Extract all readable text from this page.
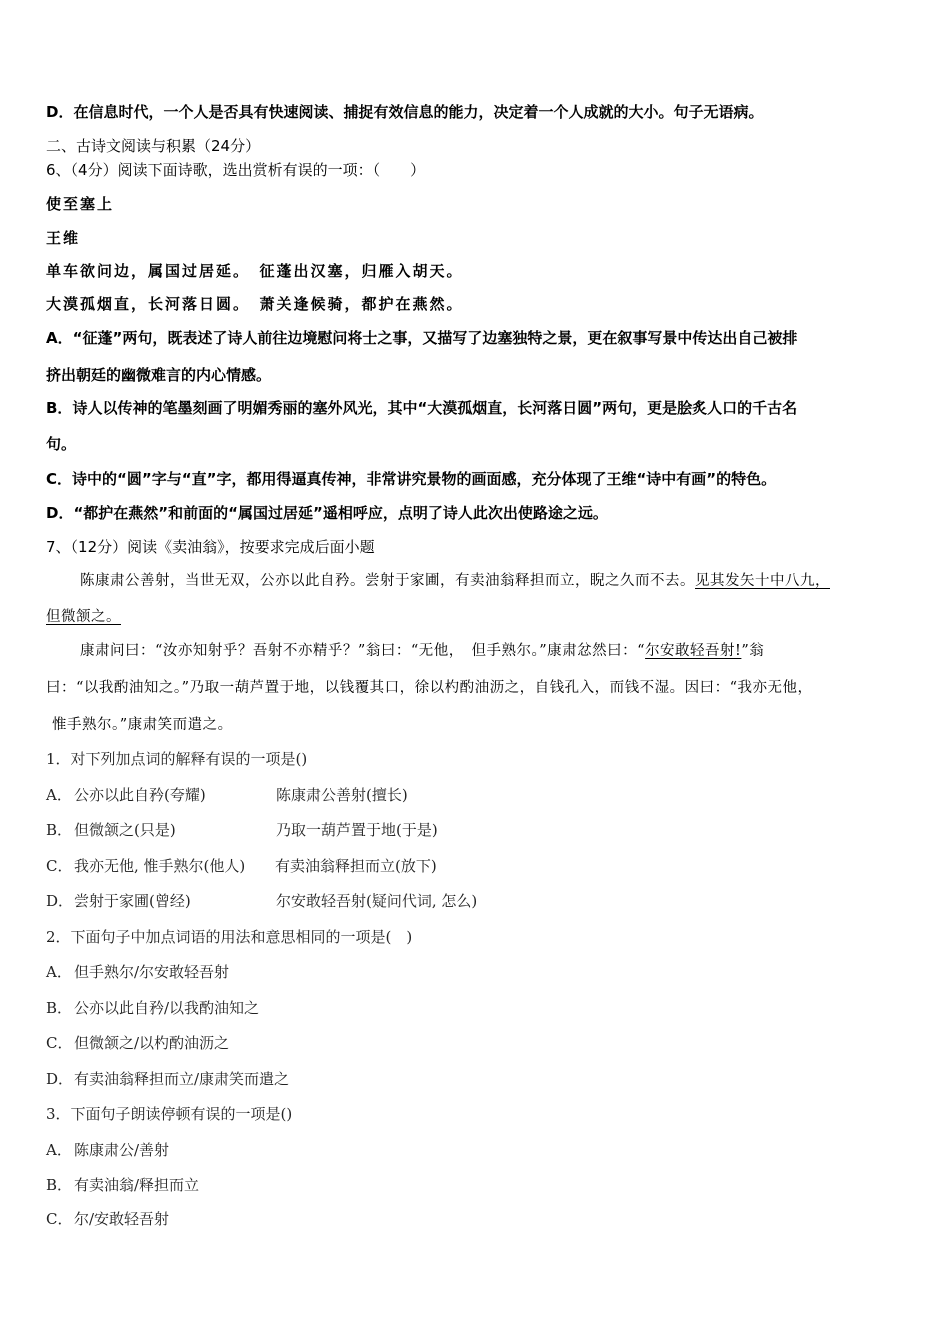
D．在信息时代，一个人是否具有快速阅读、捕捉有效信息的能力，决定着一个人成就的大小。句子无语病。
二、古诗文阅读与积累（24分）
6、（4分）阅读下面诗歌，选出赏析有误的一项：（　　）
使至塞上
王维
单车欲问边，属国过居延。　征蓬出汉塞，归雁入胡天。
大漠孤烟直，长河落日圆。　萧关逢候骑，都护在燕然。
A．“征蓬”两句，既表述了诗人前往边境慰问将士之事，又描写了边塞独特之景，更在叙事写景中传达出自己被排
挤出朝廷的幽微难言的内心情感。
B．诗人以传神的笔墨刻画了明媚秀丽的塞外风光，其中“大漠孤烟直，长河落日圆”两句，更是脍炙人口的千古名
句。
C．诗中的“圆”字与“直”字，都用得逼真传神，非常讲究景物的画面感，充分体现了王维“诗中有画”的特色。
D．“都护在燕然”和前面的“属国过居延”遥相呼应，点明了诗人此次出使路途之远。
7、（12分）阅读《卖油翁》，按要求完成后面小题
陈康肃公善射，当世无双，公亦以此自矜。尝射于家圃，有卖油翁释担而立，睨之久而不去。见其发矢十中八九，
但微颔之。
康肃问曰：“汝亦知射乎？吾射不亦精乎？”翁曰：“无他，　但手熟尔。”康肃忿然曰：“尔安敢轻吾射!”翁
曰：“以我酌油知之。”乃取一葫芦置于地，以钱覆其口，徐以杓酌油沥之，自钱孔入，而钱不湿。因曰：“我亦无他，
惟手熟尔。”康肃笑而遣之。
1．对下列加点词的解释有误的一项是()
A． 公亦以此自矜(夸耀)	陈康肃公善射(擅长)
B． 但微颔之(只是)	乃取一葫芦置于地(于是)
C． 我亦无他, 惟手熟尔(他人) 有卖油翁释担而立(放下)
D．尝射于家圃(曾经)	尔安敢轻吾射(疑问代词, 怎么)
2．下面句子中加点词语的用法和意思相同的一项是(　)
A． 但手熟尔/尔安敢轻吾射
B． 公亦以此自矜/以我酌油知之
C． 但微颔之/以杓酌油沥之
D．有卖油翁释担而立/康肃笑而遣之
3．下面句子朗读停顿有误的一项是()
A． 陈康肃公/善射
B． 有卖油翁/释担而立
C． 尔/安敢轻吾射
